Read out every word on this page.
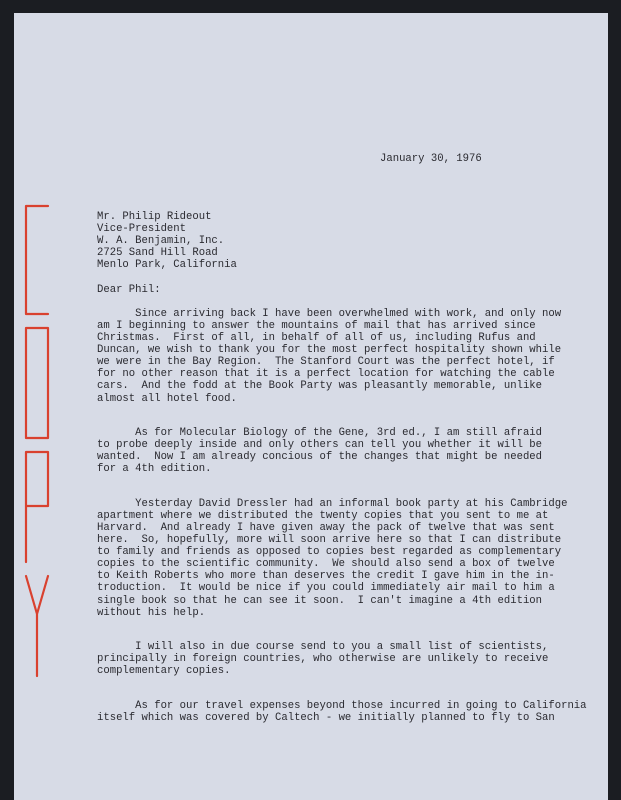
January 30, 1976
Mr. Philip Rideout
Vice-President
W. A. Benjamin, Inc.
2725 Sand Hill Road
Menlo Park, California
Dear Phil:
Since arriving back I have been overwhelmed with work, and only now
am I beginning to answer the mountains of mail that has arrived since
Christmas.  First of all, in behalf of all of us, including Rufus and
Duncan, we wish to thank you for the most perfect hospitality shown while
we were in the Bay Region.  The Stanford Court was the perfect hotel, if
for no other reason that it is a perfect location for watching the cable
cars.  And the fodd at the Book Party was pleasantly memorable, unlike
almost all hotel food.
As for Molecular Biology of the Gene, 3rd ed., I am still afraid
to probe deeply inside and only others can tell you whether it will be
wanted.  Now I am already concious of the changes that might be needed
for a 4th edition.
Yesterday David Dressler had an informal book party at his Cambridge
apartment where we distributed the twenty copies that you sent to me at
Harvard.  And already I have given away the pack of twelve that was sent
here.  So, hopefully, more will soon arrive here so that I can distribute
to family and friends as opposed to copies best regarded as complementary
copies to the scientific community.  We should also send a box of twelve
to Keith Roberts who more than deserves the credit I gave him in the in-
troduction.  It would be nice if you could immediately air mail to him a
single book so that he can see it soon.  I can't imagine a 4th edition
without his help.
I will also in due course send to you a small list of scientists,
principally in foreign countries, who otherwise are unlikely to receive
complementary copies.
As for our travel expenses beyond those incurred in going to California
itself which was covered by Caltech - we initially planned to fly to San
